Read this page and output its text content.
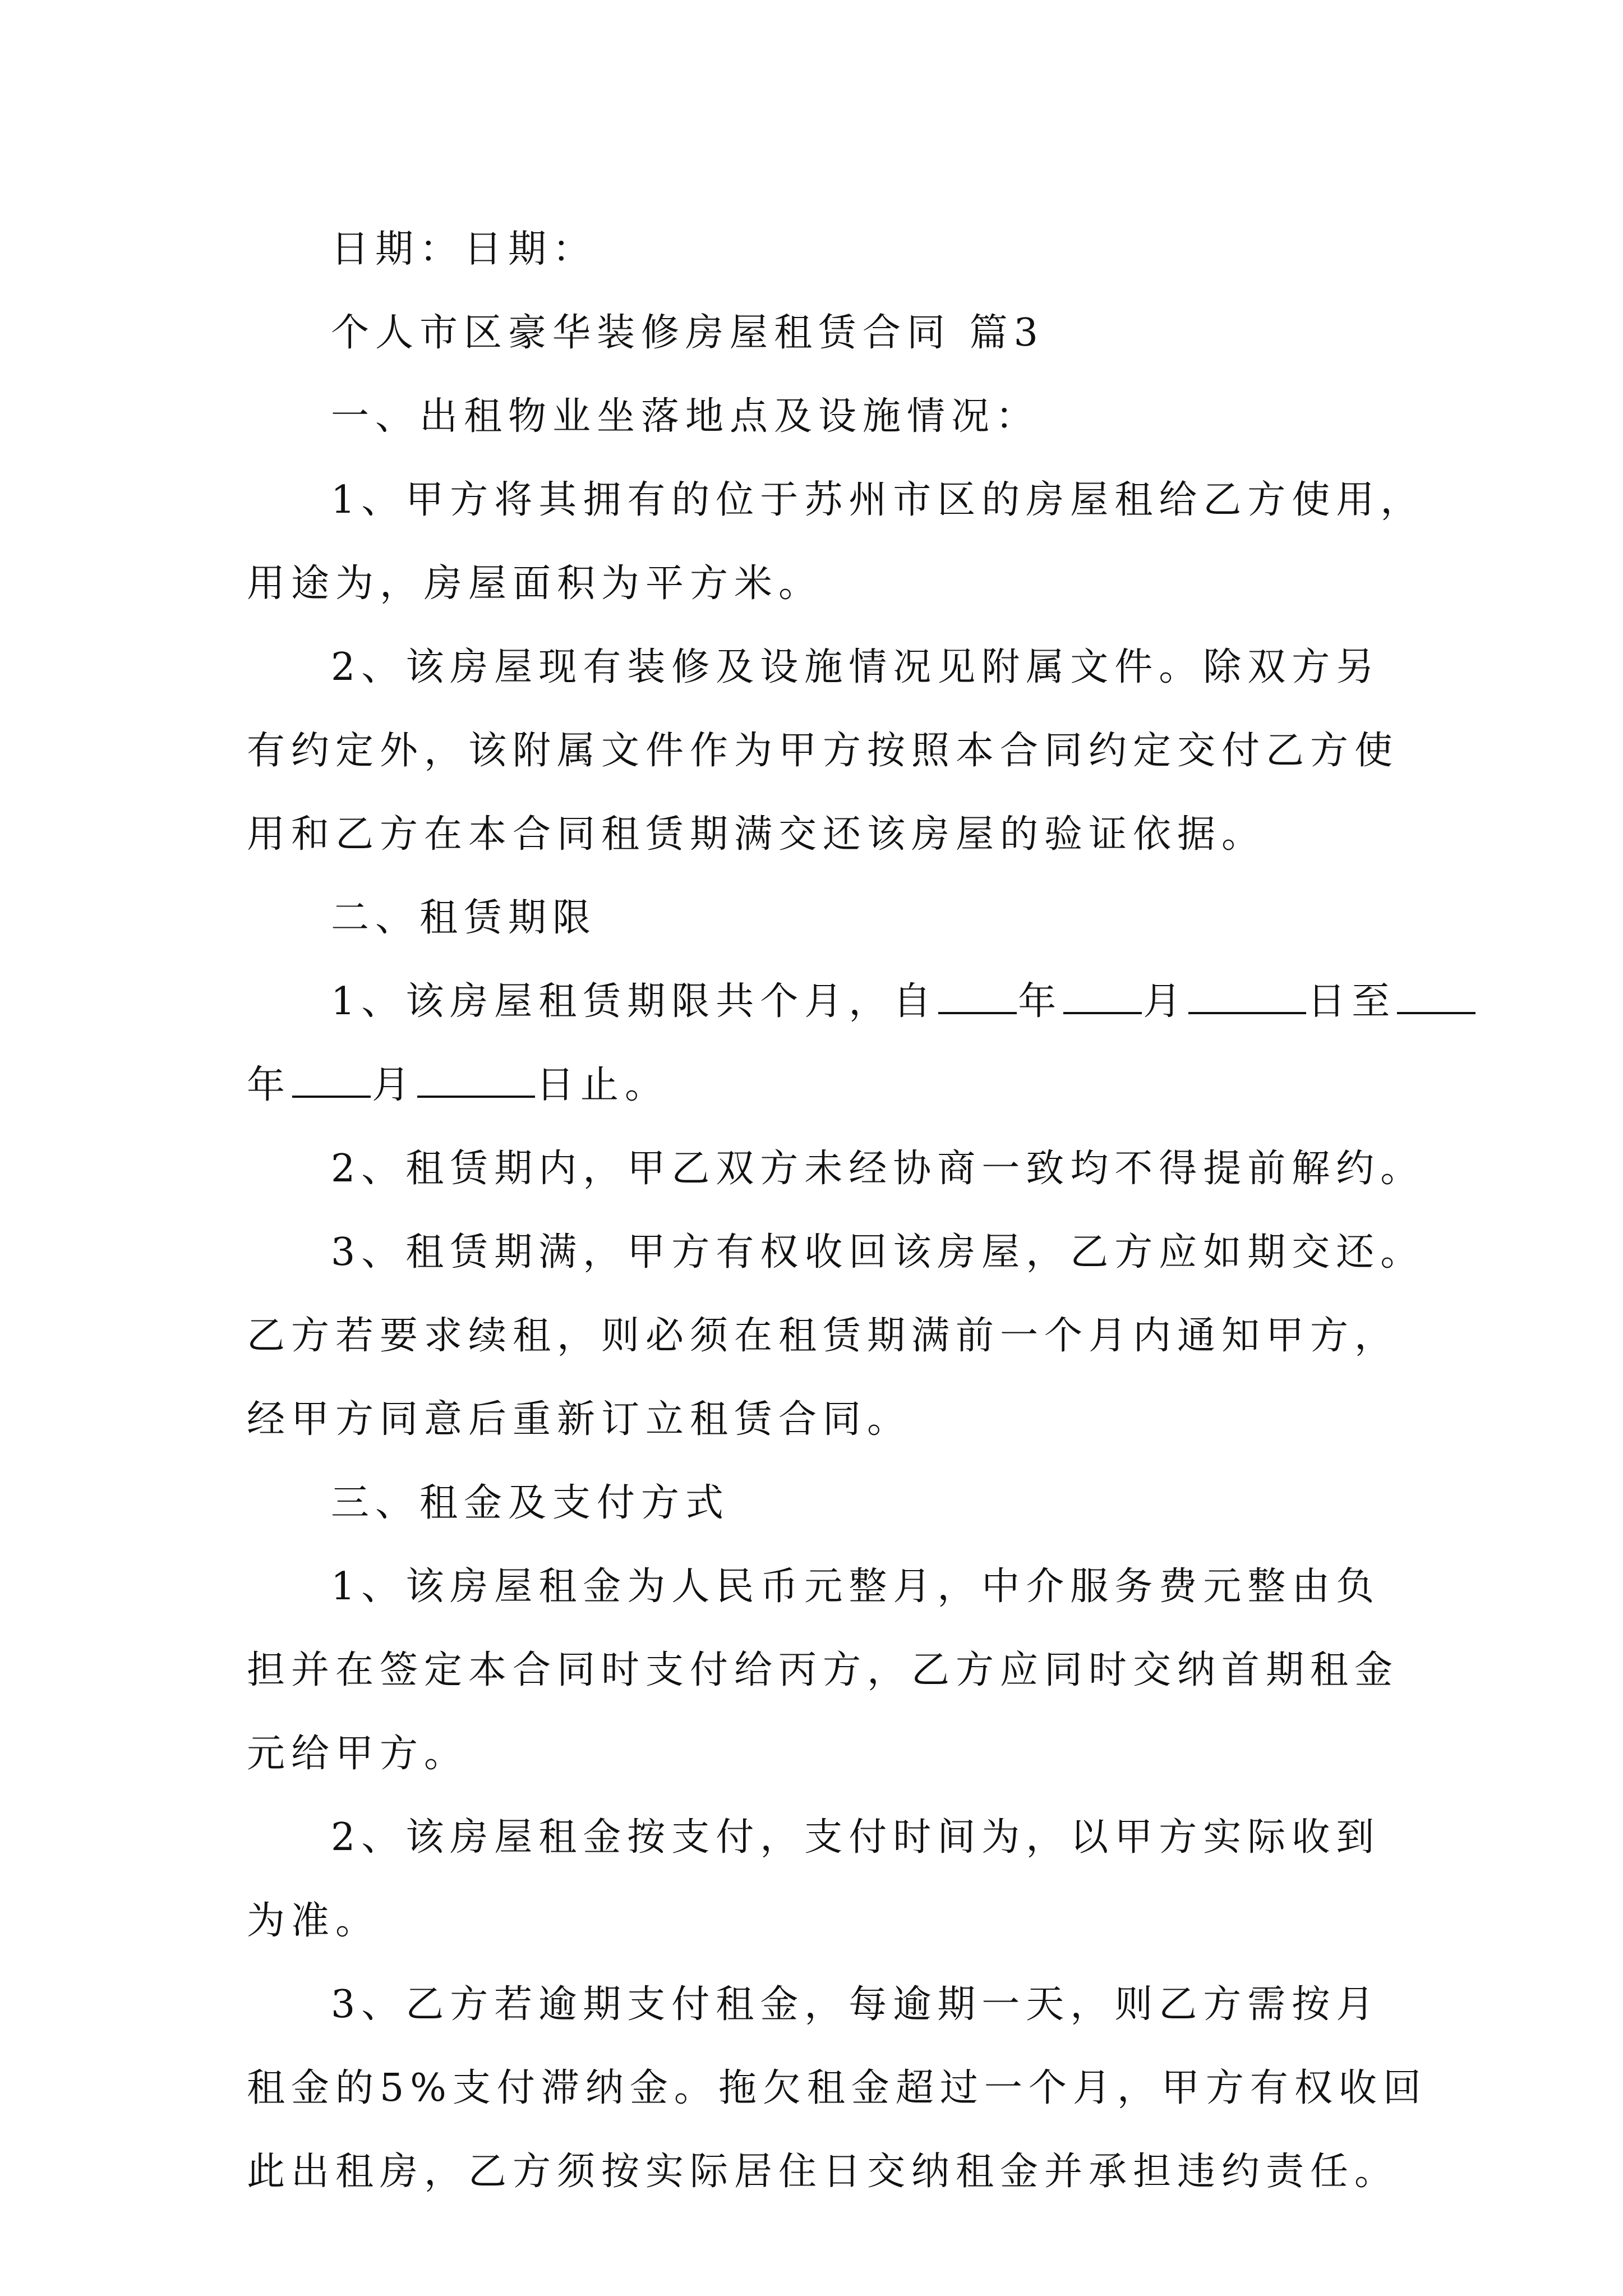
日期：日期：
个人市区豪华装修房屋租赁合同 篇3
一、出租物业坐落地点及设施情况：
1、甲方将其拥有的位于苏州市区的房屋租给乙方使用，
用途为，房屋面积为平方米。
2、该房屋现有装修及设施情况见附属文件。除双方另
有约定外，该附属文件作为甲方按照本合同约定交付乙方使
用和乙方在本合同租赁期满交还该房屋的验证依据。
二、租赁期限
1、该房屋租赁期限共个月，自 年 月	日至
年 月	日止。
2、租赁期内，甲乙双方未经协商一致均不得提前解约。
3、租赁期满，甲方有权收回该房屋，乙方应如期交还。
乙方若要求续租，则必须在租赁期满前一个月内通知甲方，
经甲方同意后重新订立租赁合同。
三、租金及支付方式
1、该房屋租金为人民币元整月，中介服务费元整由负
担并在签定本合同时支付给丙方，乙方应同时交纳首期租金
元给甲方。
2、该房屋租金按支付，支付时间为，以甲方实际收到
为准。
3、乙方若逾期支付租金，每逾期一天，则乙方需按月
租金的5%支付滞纳金。拖欠租金超过一个月，甲方有权收回
此出租房，乙方须按实际居住日交纳租金并承担违约责任。
